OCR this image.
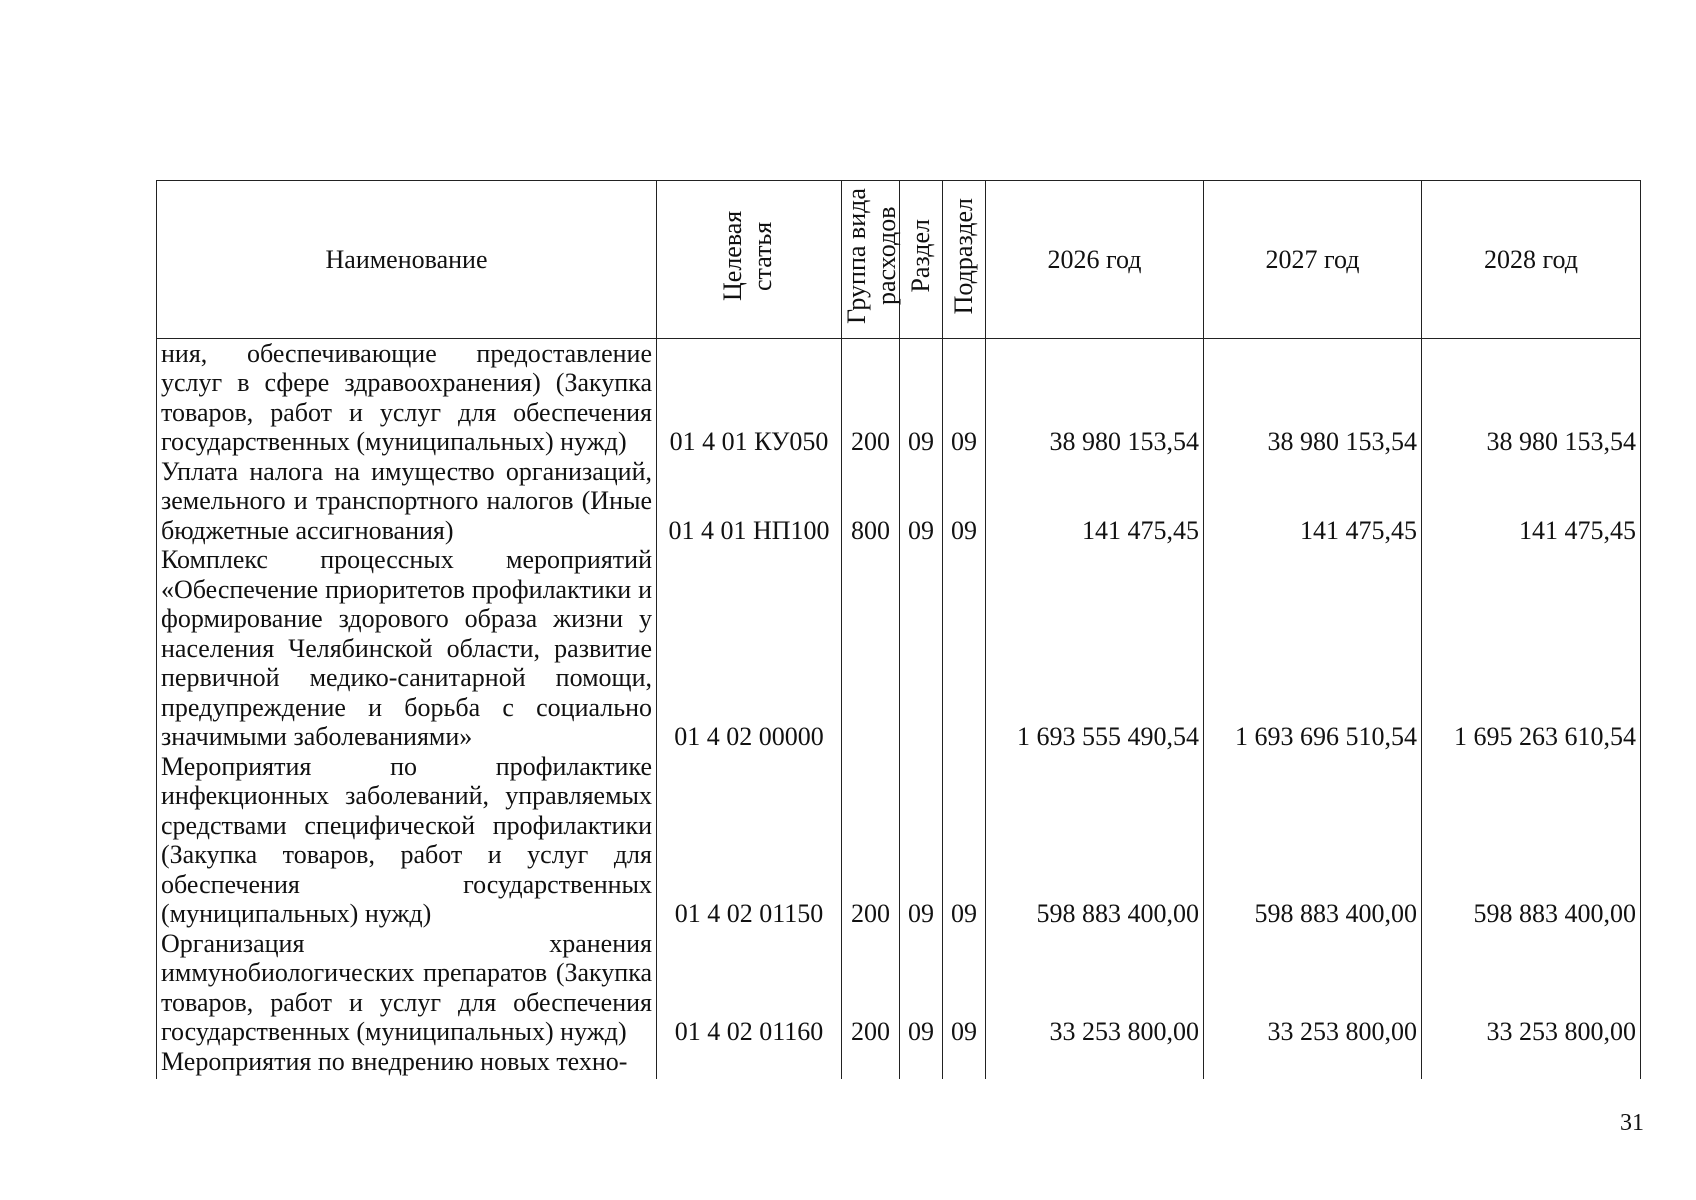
Наименование	Целевая статья	Группа вида расходов	Раздел	Подраздел	2026 год	2027 год	2028 год
ния, обеспечивающие предоставление услуг в сфере здравоохранения) (Закупка товаров, работ и услуг для обеспечения государственных (муниципальных) нужд)	01 4 01 КУ050	200	09	09	38 980 153,54	38 980 153,54	38 980 153,54
Уплата налога на имущество организаций, земельного и транспортного налогов (Иные бюджетные ассигнования)	01 4 01 НП100	800	09	09	141 475,45	141 475,45	141 475,45
Комплекс процессных мероприятий «Обеспечение приоритетов профилактики и формирование здорового образа жизни у населения Челябинской области, развитие первичной медико-санитарной помощи, предупреждение и борьба с социально значимыми заболеваниями»	01 4 02 00000				1 693 555 490,54	1 693 696 510,54	1 695 263 610,54
Мероприятия по профилактике инфекционных заболеваний, управляемых средствами специфической профилактики (Закупка товаров, работ и услуг для обеспечения государственных (муниципальных) нужд)	01 4 02 01150	200	09	09	598 883 400,00	598 883 400,00	598 883 400,00
Организация хранения иммунобиологических препаратов (Закупка товаров, работ и услуг для обеспечения государственных (муниципальных) нужд)	01 4 02 01160	200	09	09	33 253 800,00	33 253 800,00	33 253 800,00
Мероприятия по внедрению новых техно-							
31
